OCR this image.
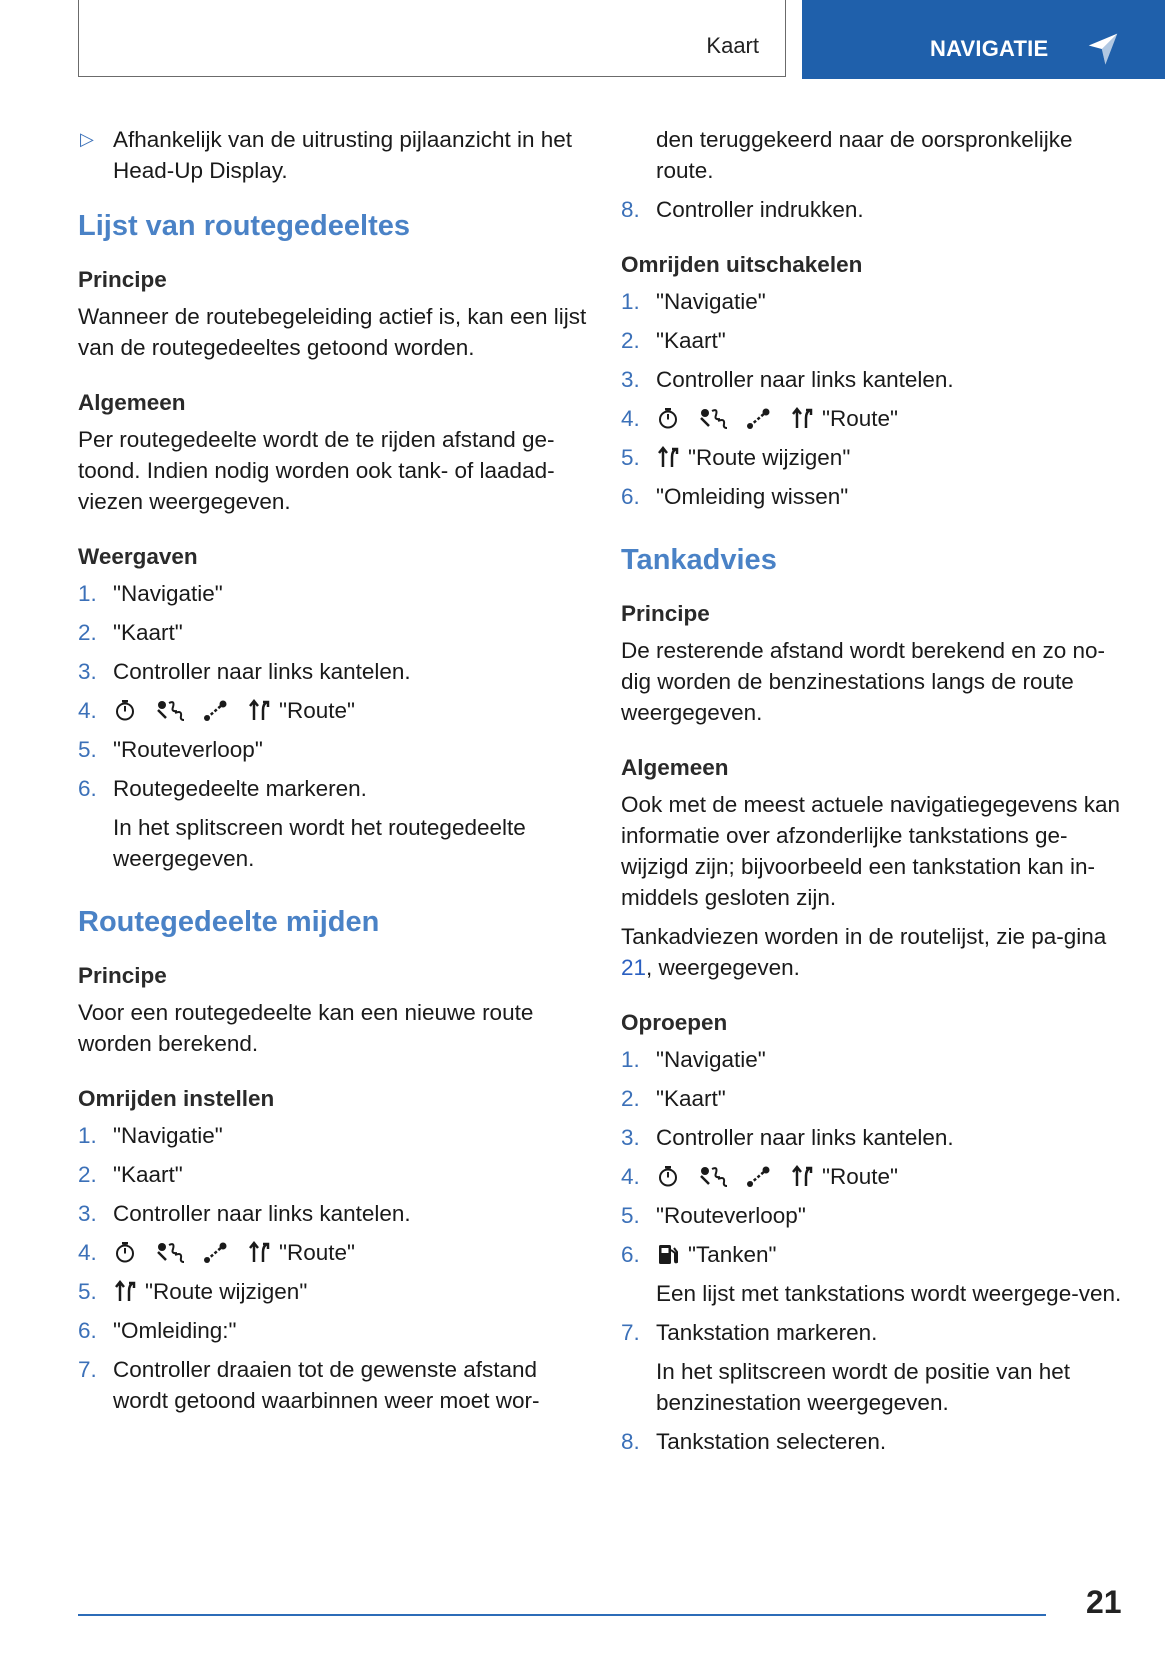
Kaart	NAVIGATIE
▷ Afhankelijk van de uitrusting pijlaanzicht in het Head-Up Display.
Lijst van routegedeeltes
Principe

Wanneer de routebegeleiding actief is, kan een lijst van de routegedeeltes getoond worden.

Algemeen

Per routegedeelte wordt de te rijden afstand ge-toond. Indien nodig worden ook tank- of laadad-viezen weergegeven.

Weergaven
1. "Navigatie"
2. "Kaart"
3. Controller naar links kantelen.
4.	"Route"
5. "Routeverloop"
6. Routegedeelte markeren.
In het splitscreen wordt het routegedeelte weergegeven.
Routegedeelte mijden
Principe

Voor een routegedeelte kan een nieuwe route worden berekend.

Omrijden instellen
1. "Navigatie"
2. "Kaart"
3. Controller naar links kantelen.
4.	"Route"
5. "Route wijzigen"
6. "Omleiding:"
7. Controller draaien tot de gewenste afstand wordt getoond waarbinnen weer moet wor-

den teruggekeerd naar de oorspronkelijke route.

8. Controller indrukken.
Omrijden uitschakelen
1. "Navigatie"
2. "Kaart"
3. Controller naar links kantelen.
4.	"Route"
5. "Route wijzigen"
6. "Omleiding wissen"
Tankadvies
Principe

De resterende afstand wordt berekend en zo no-dig worden de benzinestations langs de route weergegeven.

Algemeen

Ook met de meest actuele navigatiegegevens kan informatie over afzonderlijke tankstations ge-wijzigd zijn; bijvoorbeeld een tankstation kan in-middels gesloten zijn.

Tankadviezen worden in de routelijst, zie pa-gina 21, weergegeven.

Oproepen
1. "Navigatie"
2. "Kaart"
3. Controller naar links kantelen.
4.	"Route"
5. "Routeverloop"
6. "Tanken"
Een lijst met tankstations wordt weergege-ven.
7. Tankstation markeren.
In het splitscreen wordt de positie van het benzinestation weergegeven.
8. Tankstation selecteren.
21
